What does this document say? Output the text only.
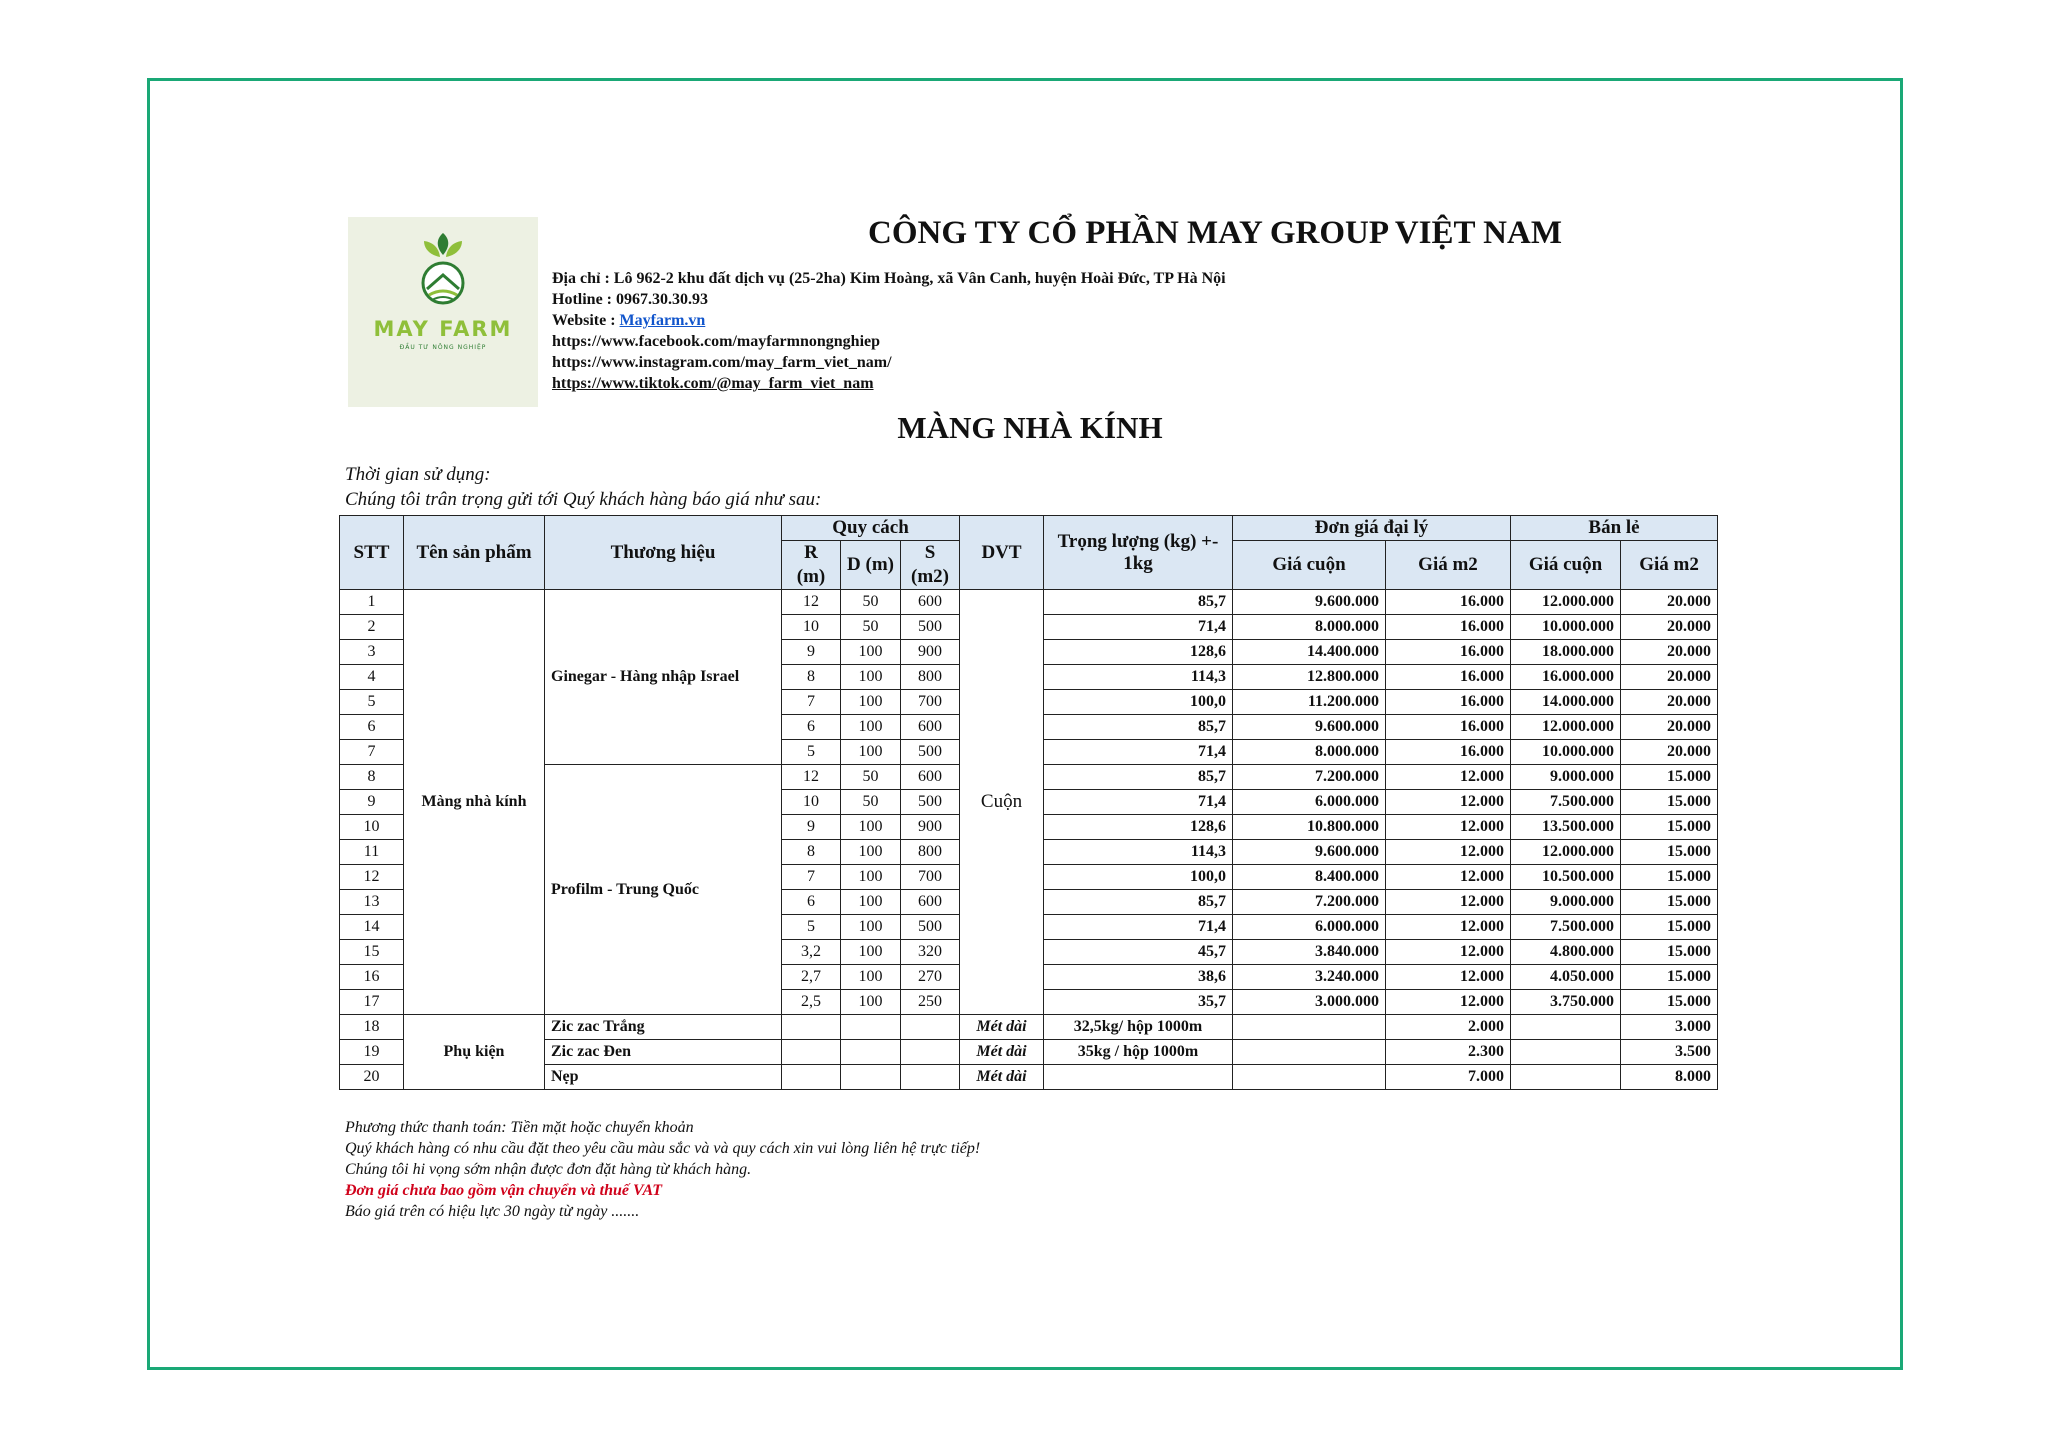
MAY FARM
ĐẦU TƯ NÔNG NGHIỆP
CÔNG TY CỔ PHẦN MAY GROUP VIỆT NAM
Địa chỉ : Lô 962-2 khu đất dịch vụ (25-2ha) Kim Hoàng, xã Vân Canh, huyện Hoài Đức, TP Hà Nội
Hotline : 0967.30.30.93
Website : Mayfarm.vn
https://www.facebook.com/mayfarmnongnghiep
https://www.instagram.com/may_farm_viet_nam/
https://www.tiktok.com/@may_farm_viet_nam
MÀNG NHÀ KÍNH
Thời gian sử dụng:
Chúng tôi trân trọng gửi tới Quý khách hàng báo giá như sau:
STT	Tên sản phẩm	Thương hiệu	Quy cách			DVT	Trọng lượng (kg) +- 1kg	Đơn giá đại lý		Bán lẻ	
			R (m)	D (m)	S (m2)			Giá cuộn	Giá m2	Giá cuộn	Giá m2
1	Màng nhà kính	Ginegar - Hàng nhập Israel	12	50	600	Cuộn	85,7	9.600.000	16.000	12.000.000	20.000
2			10	50	500		71,4	8.000.000	16.000	10.000.000	20.000
3			9	100	900		128,6	14.400.000	16.000	18.000.000	20.000
4			8	100	800		114,3	12.800.000	16.000	16.000.000	20.000
5			7	100	700		100,0	11.200.000	16.000	14.000.000	20.000
6			6	100	600		85,7	9.600.000	16.000	12.000.000	20.000
7			5	100	500		71,4	8.000.000	16.000	10.000.000	20.000
8		Profilm - Trung Quốc	12	50	600		85,7	7.200.000	12.000	9.000.000	15.000
9			10	50	500		71,4	6.000.000	12.000	7.500.000	15.000
10			9	100	900		128,6	10.800.000	12.000	13.500.000	15.000
11			8	100	800		114,3	9.600.000	12.000	12.000.000	15.000
12			7	100	700		100,0	8.400.000	12.000	10.500.000	15.000
13			6	100	600		85,7	7.200.000	12.000	9.000.000	15.000
14			5	100	500		71,4	6.000.000	12.000	7.500.000	15.000
15			3,2	100	320		45,7	3.840.000	12.000	4.800.000	15.000
16			2,7	100	270		38,6	3.240.000	12.000	4.050.000	15.000
17			2,5	100	250		35,7	3.000.000	12.000	3.750.000	15.000
18	Phụ kiện	Zic zac Trắng				Mét dài	32,5kg/ hộp 1000m		2.000		3.000
19		Zic zac Đen				Mét dài	35kg / hộp 1000m		2.300		3.500
20		Nẹp				Mét dài			7.000		8.000
Phương thức thanh toán: Tiền mặt hoặc chuyển khoản
Quý khách hàng có nhu cầu đặt theo yêu cầu màu sắc và và quy cách xin vui lòng liên hệ trực tiếp!
Chúng tôi hi vọng sớm nhận được đơn đặt hàng từ khách hàng.
Đơn giá chưa bao gồm vận chuyển và thuế VAT
Báo giá trên có hiệu lực 30 ngày từ ngày .......
